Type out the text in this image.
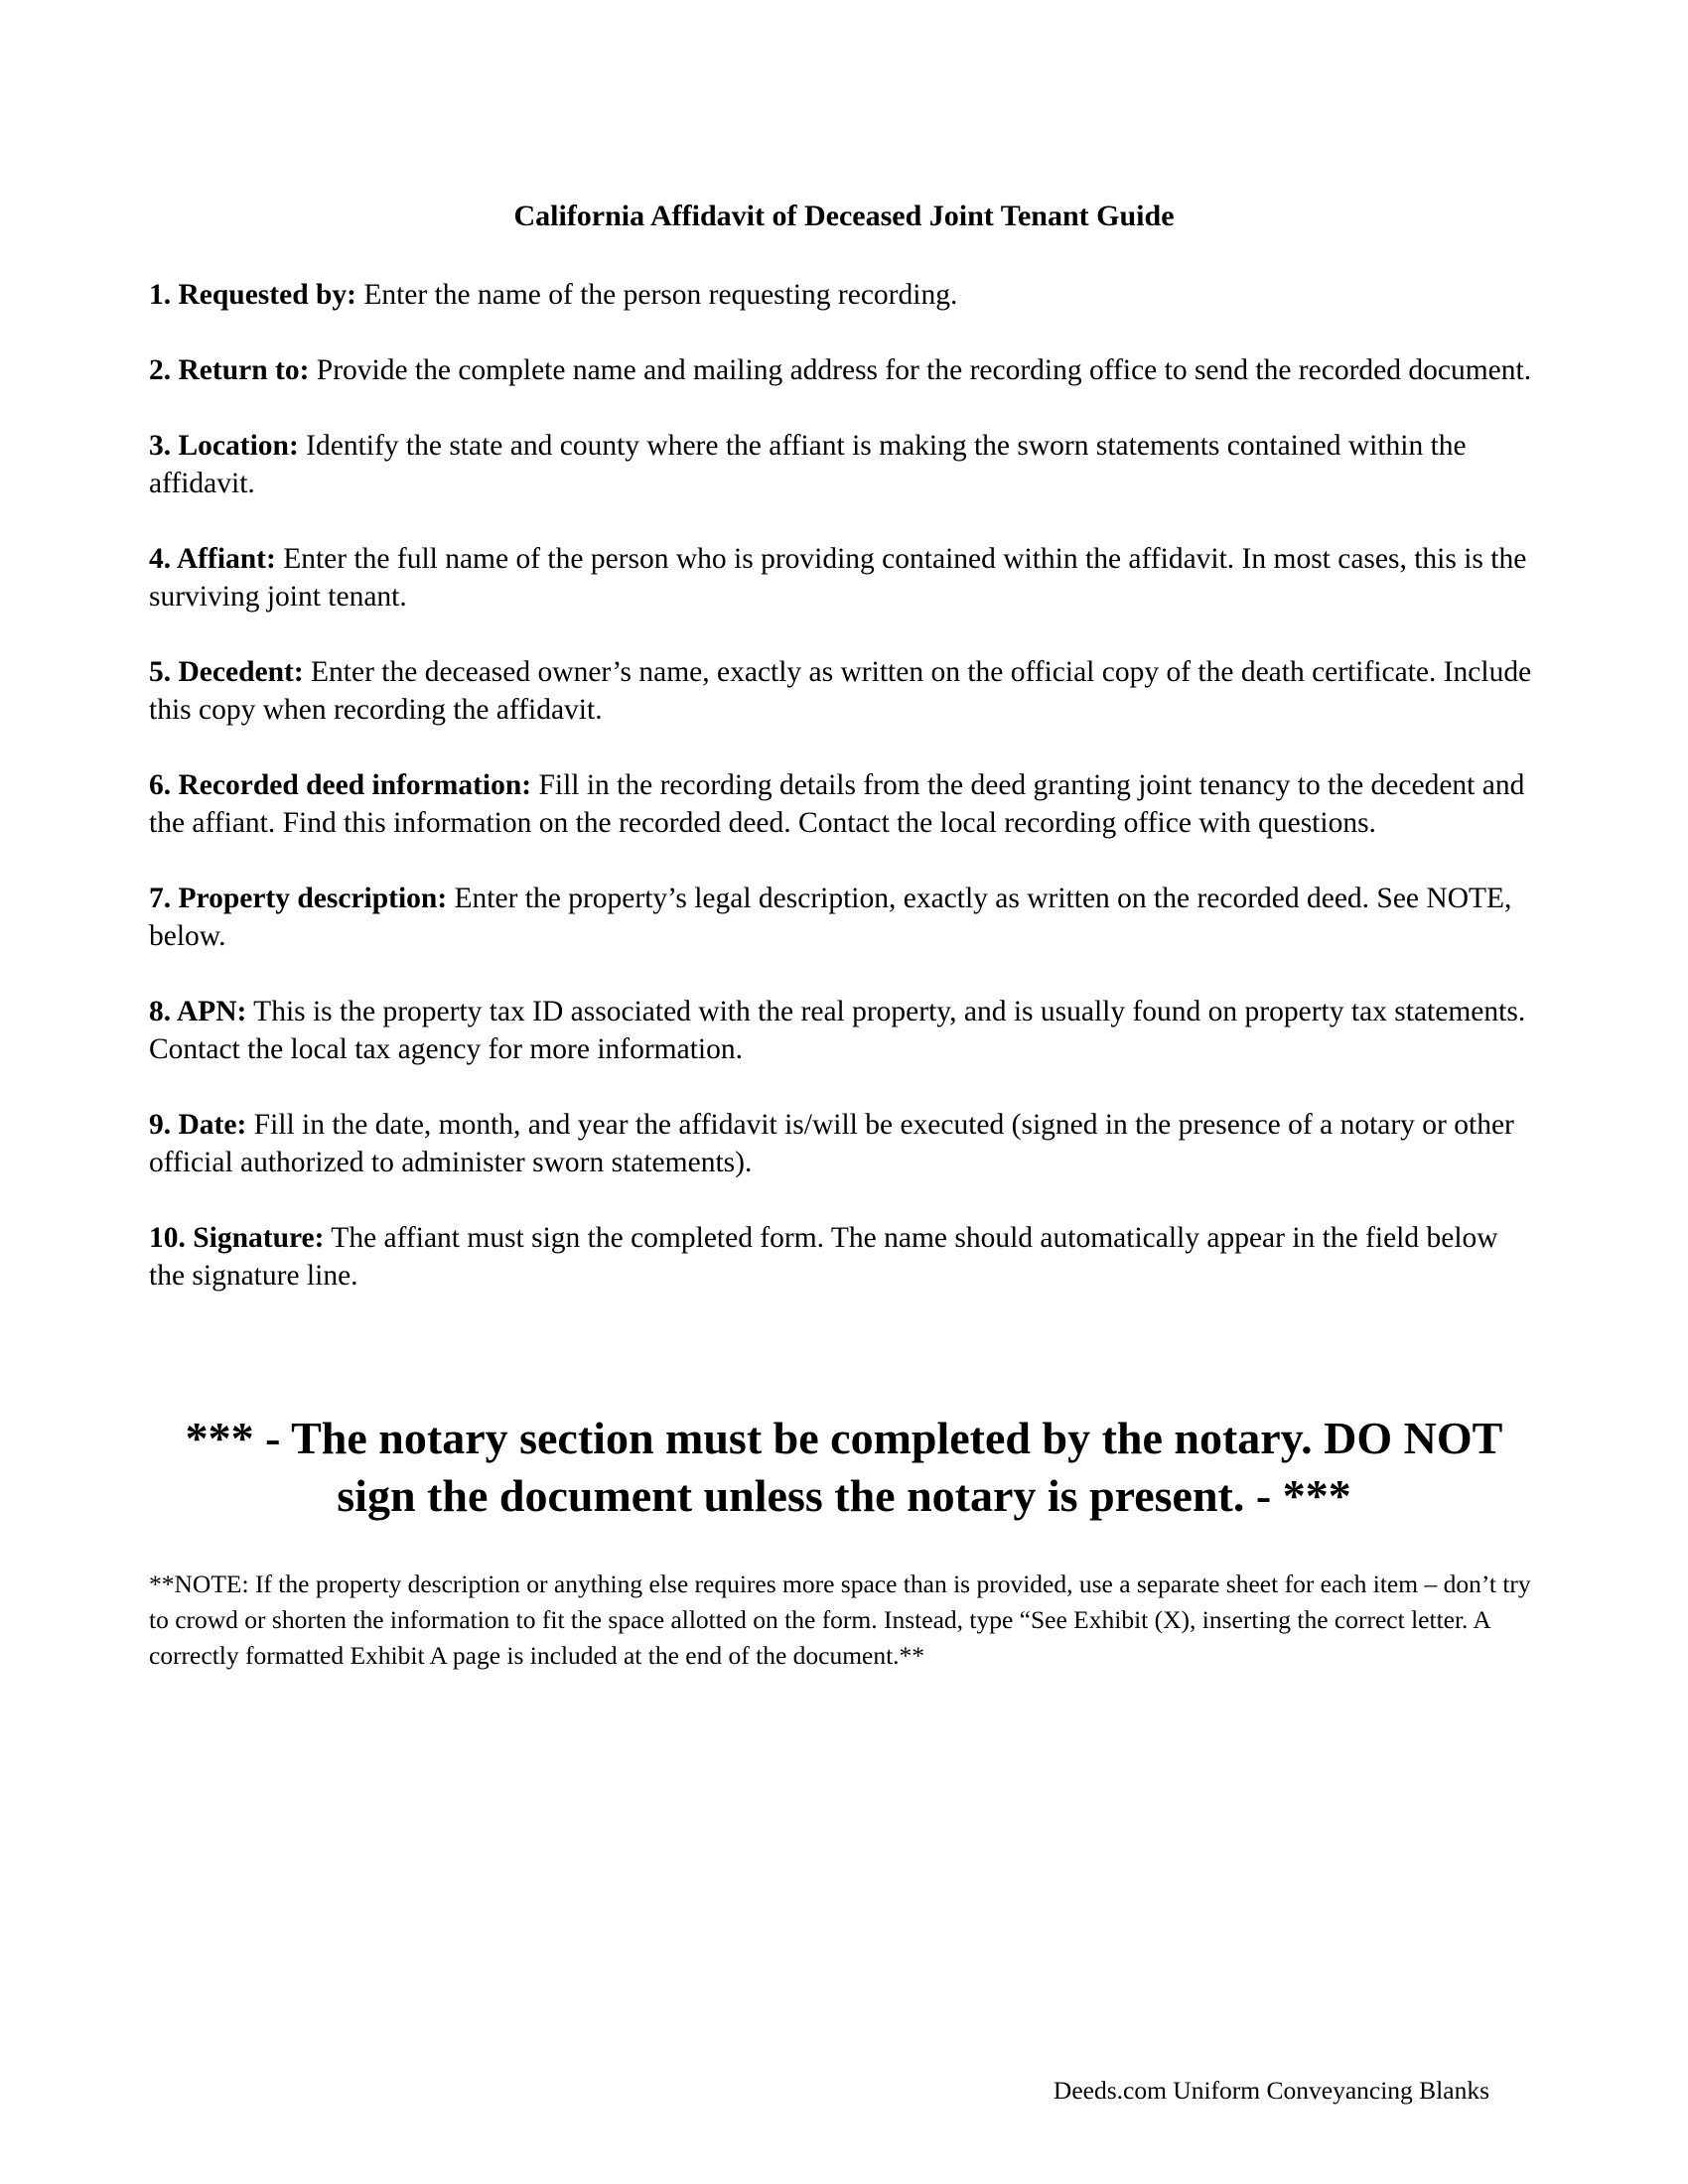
California Affidavit of Deceased Joint Tenant Guide

1. Requested by: Enter the name of the person requesting recording.

2. Return to: Provide the complete name and mailing address for the recording office to send the recorded document.

3. Location: Identify the state and county where the affiant is making the sworn statements contained within the affidavit.

4. Affiant: Enter the full name of the person who is providing contained within the affidavit. In most cases, this is the surviving joint tenant.

5. Decedent: Enter the deceased owner’s name, exactly as written on the official copy of the death certificate. Include this copy when recording the affidavit.

6. Recorded deed information: Fill in the recording details from the deed granting joint tenancy to the decedent and the affiant. Find this information on the recorded deed. Contact the local recording office with questions.

7. Property description: Enter the property’s legal description, exactly as written on the recorded deed. See NOTE, below.

8. APN: This is the property tax ID associated with the real property, and is usually found on property tax statements. Contact the local tax agency for more information.

9. Date: Fill in the date, month, and year the affidavit is/will be executed (signed in the presence of a notary or other official authorized to administer sworn statements).

10. Signature: The affiant must sign the completed form. The name should automatically appear in the field below the signature line.

*** - The notary section must be completed by the notary. DO NOT sign the document unless the notary is present. - ***
**NOTE: If the property description or anything else requires more space than is provided, use a separate sheet for each item – don’t try to crowd or shorten the information to fit the space allotted on the form. Instead, type “See Exhibit (X), inserting the correct letter. A correctly formatted Exhibit A page is included at the end of the document.**
Deeds.com Uniform Conveyancing Blanks
